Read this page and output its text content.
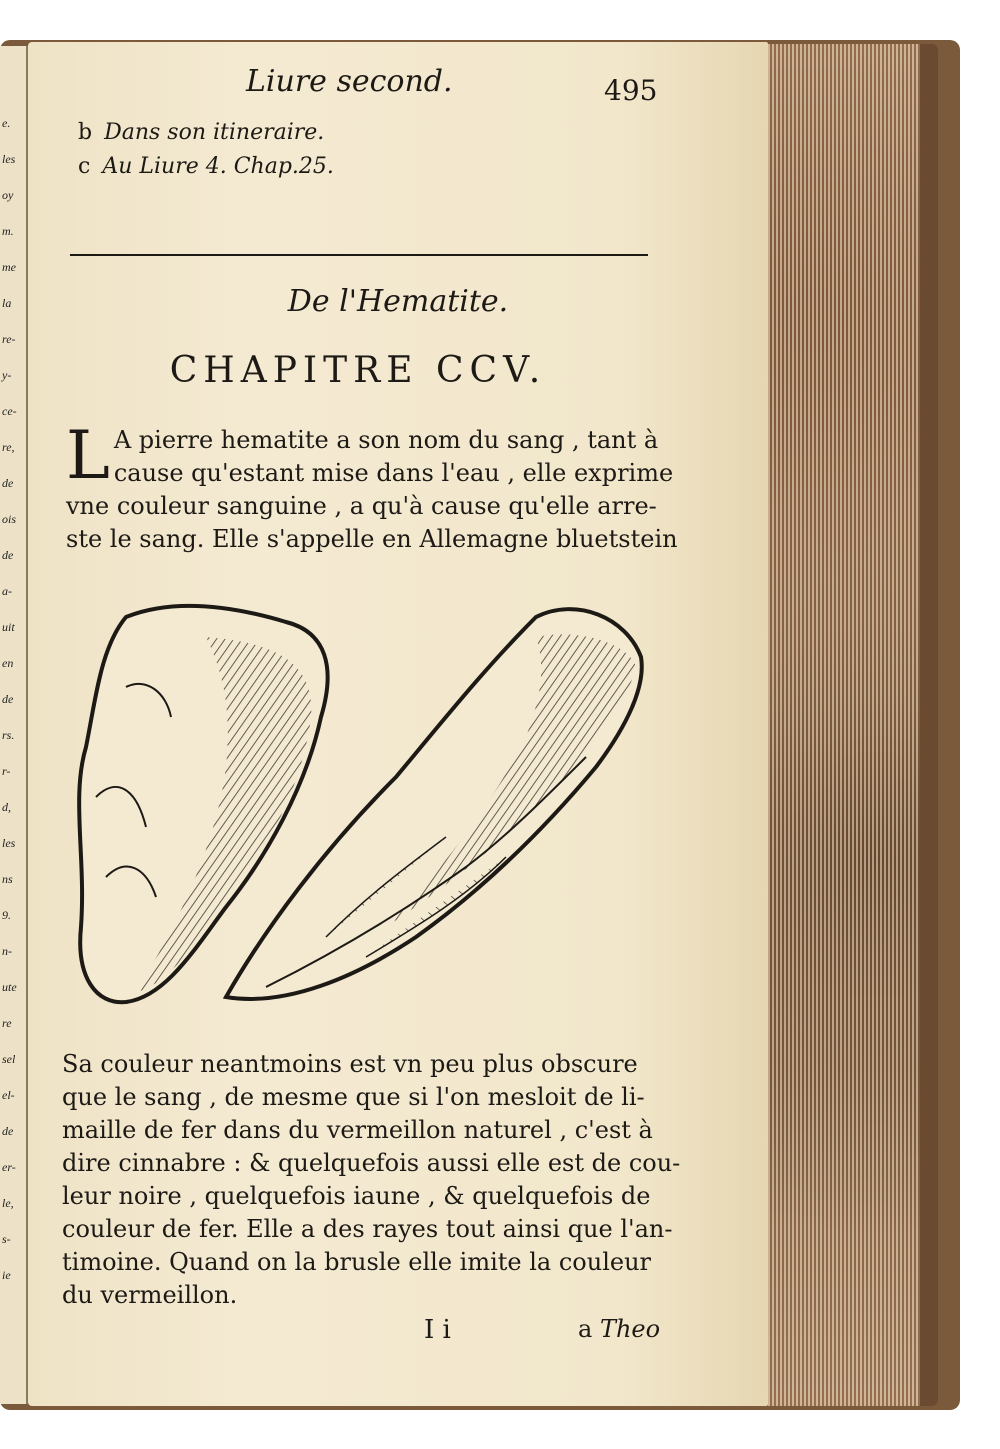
e.
les
oy
m.
me
la
re-
y-
ce-
re,
de
ois
de
a-
uit
en
de
rs.
r-
d,
les
ns
9.
n-
ute
re
sel
el-
de
er-
le,
s-
ie
Liure second.	495
b Dans son itineraire.
c Au Liure 4. Chap.25.
De l'Hematite.
CHAPITRE CCV.
L A pierre hematite a son nom du sang , tant à
cause qu'estant mise dans l'eau , elle exprime
vne couleur sanguine , a qu'à cause qu'elle arre-
ste le sang. Elle s'appelle en Allemagne bluetstein
Sa couleur neantmoins est vn peu plus obscure
que le sang , de mesme que si l'on mesloit de li-
maille de fer dans du vermeillon naturel , c'est à
dire cinnabre : & quelquefois aussi elle est de cou-
leur noire , quelquefois iaune , & quelquefois de
couleur de fer. Elle a des rayes tout ainsi que l'an-
timoine. Quand on la brusle elle imite la couleur
du vermeillon.
I i	a Theo
